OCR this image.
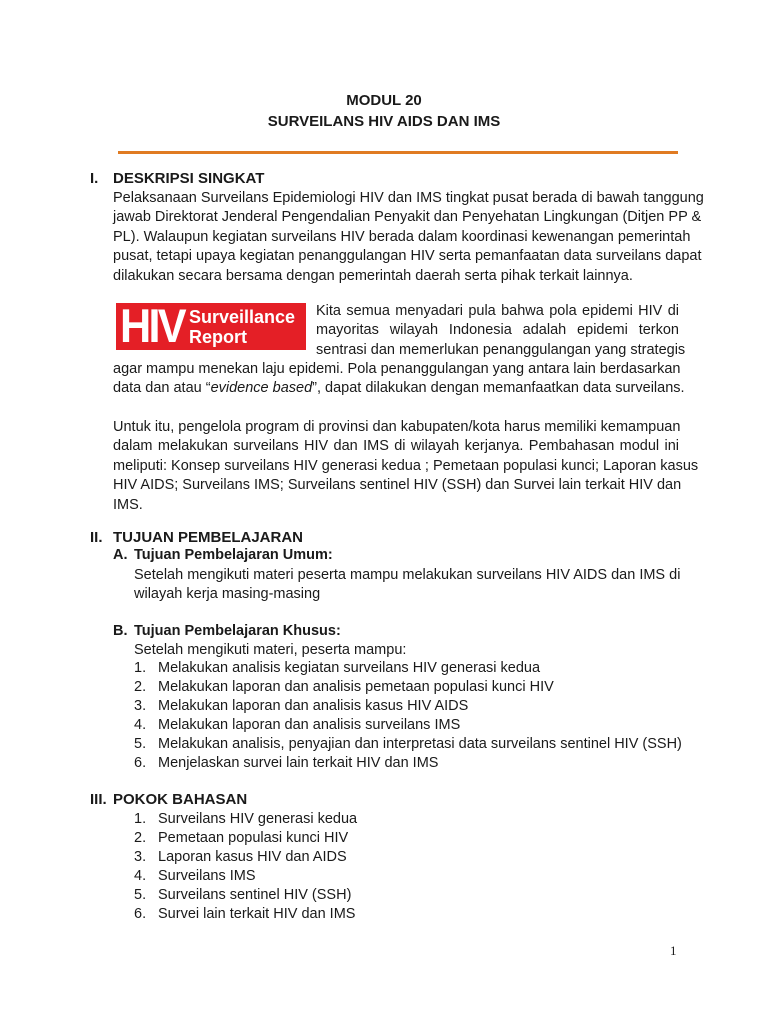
MODUL 20
SURVEILANS HIV AIDS DAN IMS
I. DESKRIPSI SINGKAT
Pelaksanaan Surveilans Epidemiologi HIV dan IMS tingkat pusat berada di bawah tanggung
jawab Direktorat Jenderal Pengendalian Penyakit dan Penyehatan Lingkungan (Ditjen PP &
PL). Walaupun kegiatan surveilans HIV berada dalam koordinasi kewenangan pemerintah
pusat, tetapi upaya kegiatan penanggulangan HIV serta pemanfaatan data surveilans dapat
dilakukan secara bersama dengan pemerintah daerah serta pihak terkait lainnya.
HIV Surveillance
Report
Kita semua menyadari pula bahwa pola epidemi HIV di
mayoritas wilayah Indonesia adalah epidemi terkon
sentrasi dan memerlukan penanggulangan yang strategis
agar mampu menekan laju epidemi. Pola penanggulangan yang antara lain berdasarkan
data dan atau “evidence based”, dapat dilakukan dengan memanfaatkan data surveilans.
Untuk itu, pengelola program di provinsi dan kabupaten/kota harus memiliki kemampuan
dalam melakukan surveilans HIV dan IMS di wilayah kerjanya. Pembahasan modul ini
meliputi: Konsep surveilans HIV generasi kedua ; Pemetaan populasi kunci; Laporan kasus
HIV AIDS; Surveilans IMS; Surveilans sentinel HIV (SSH) dan Survei lain terkait HIV dan
IMS.
II. TUJUAN PEMBELAJARAN
A. Tujuan Pembelajaran Umum:
Setelah mengikuti materi peserta mampu melakukan surveilans HIV AIDS dan IMS di
wilayah kerja masing-masing
B. Tujuan Pembelajaran Khusus:
Setelah mengikuti materi, peserta mampu:
1. Melakukan analisis kegiatan surveilans HIV generasi kedua
2. Melakukan laporan dan analisis pemetaan populasi kunci HIV
3. Melakukan laporan dan analisis kasus HIV AIDS
4. Melakukan laporan dan analisis surveilans IMS
5. Melakukan analisis, penyajian dan interpretasi data surveilans sentinel HIV (SSH)
6. Menjelaskan survei lain terkait HIV dan IMS
III. POKOK BAHASAN
1. Surveilans HIV generasi kedua
2. Pemetaan populasi kunci HIV
3. Laporan kasus HIV dan AIDS
4. Surveilans IMS
5. Surveilans sentinel HIV (SSH)
6. Survei lain terkait HIV dan IMS
1
